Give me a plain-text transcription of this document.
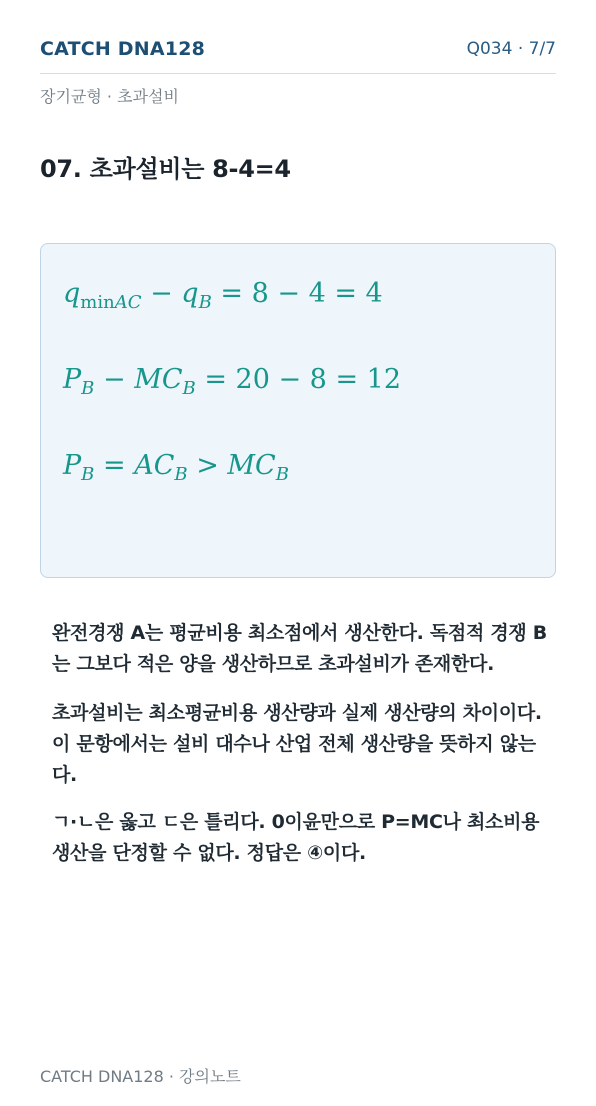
CATCH DNA128	Q034 · 7/7
장기균형 · 초과설비
07. 초과설비는 8-4=4
$q_{minAC} - q_B = 8 - 4 = 4$
$P_B - MC_B = 20 - 8 = 12$
$P_B = AC_B > MC_B$

완전경쟁 A는 평균비용 최소점에서 생산한다. 독점적 경쟁 B는 그보다 적은 양을 생산하므로 초과설비가 존재한다.

초과설비는 최소평균비용 생산량과 실제 생산량의 차이이다. 이 문항에서는 설비 대수나 산업 전체 생산량을 뜻하지 않는다.

ㄱ·ㄴ은 옳고 ㄷ은 틀리다. 0이윤만으로 P=MC나 최소비용 생산을 단정할 수 없다. 정답은 ④이다.

CATCH DNA128 · 강의노트
